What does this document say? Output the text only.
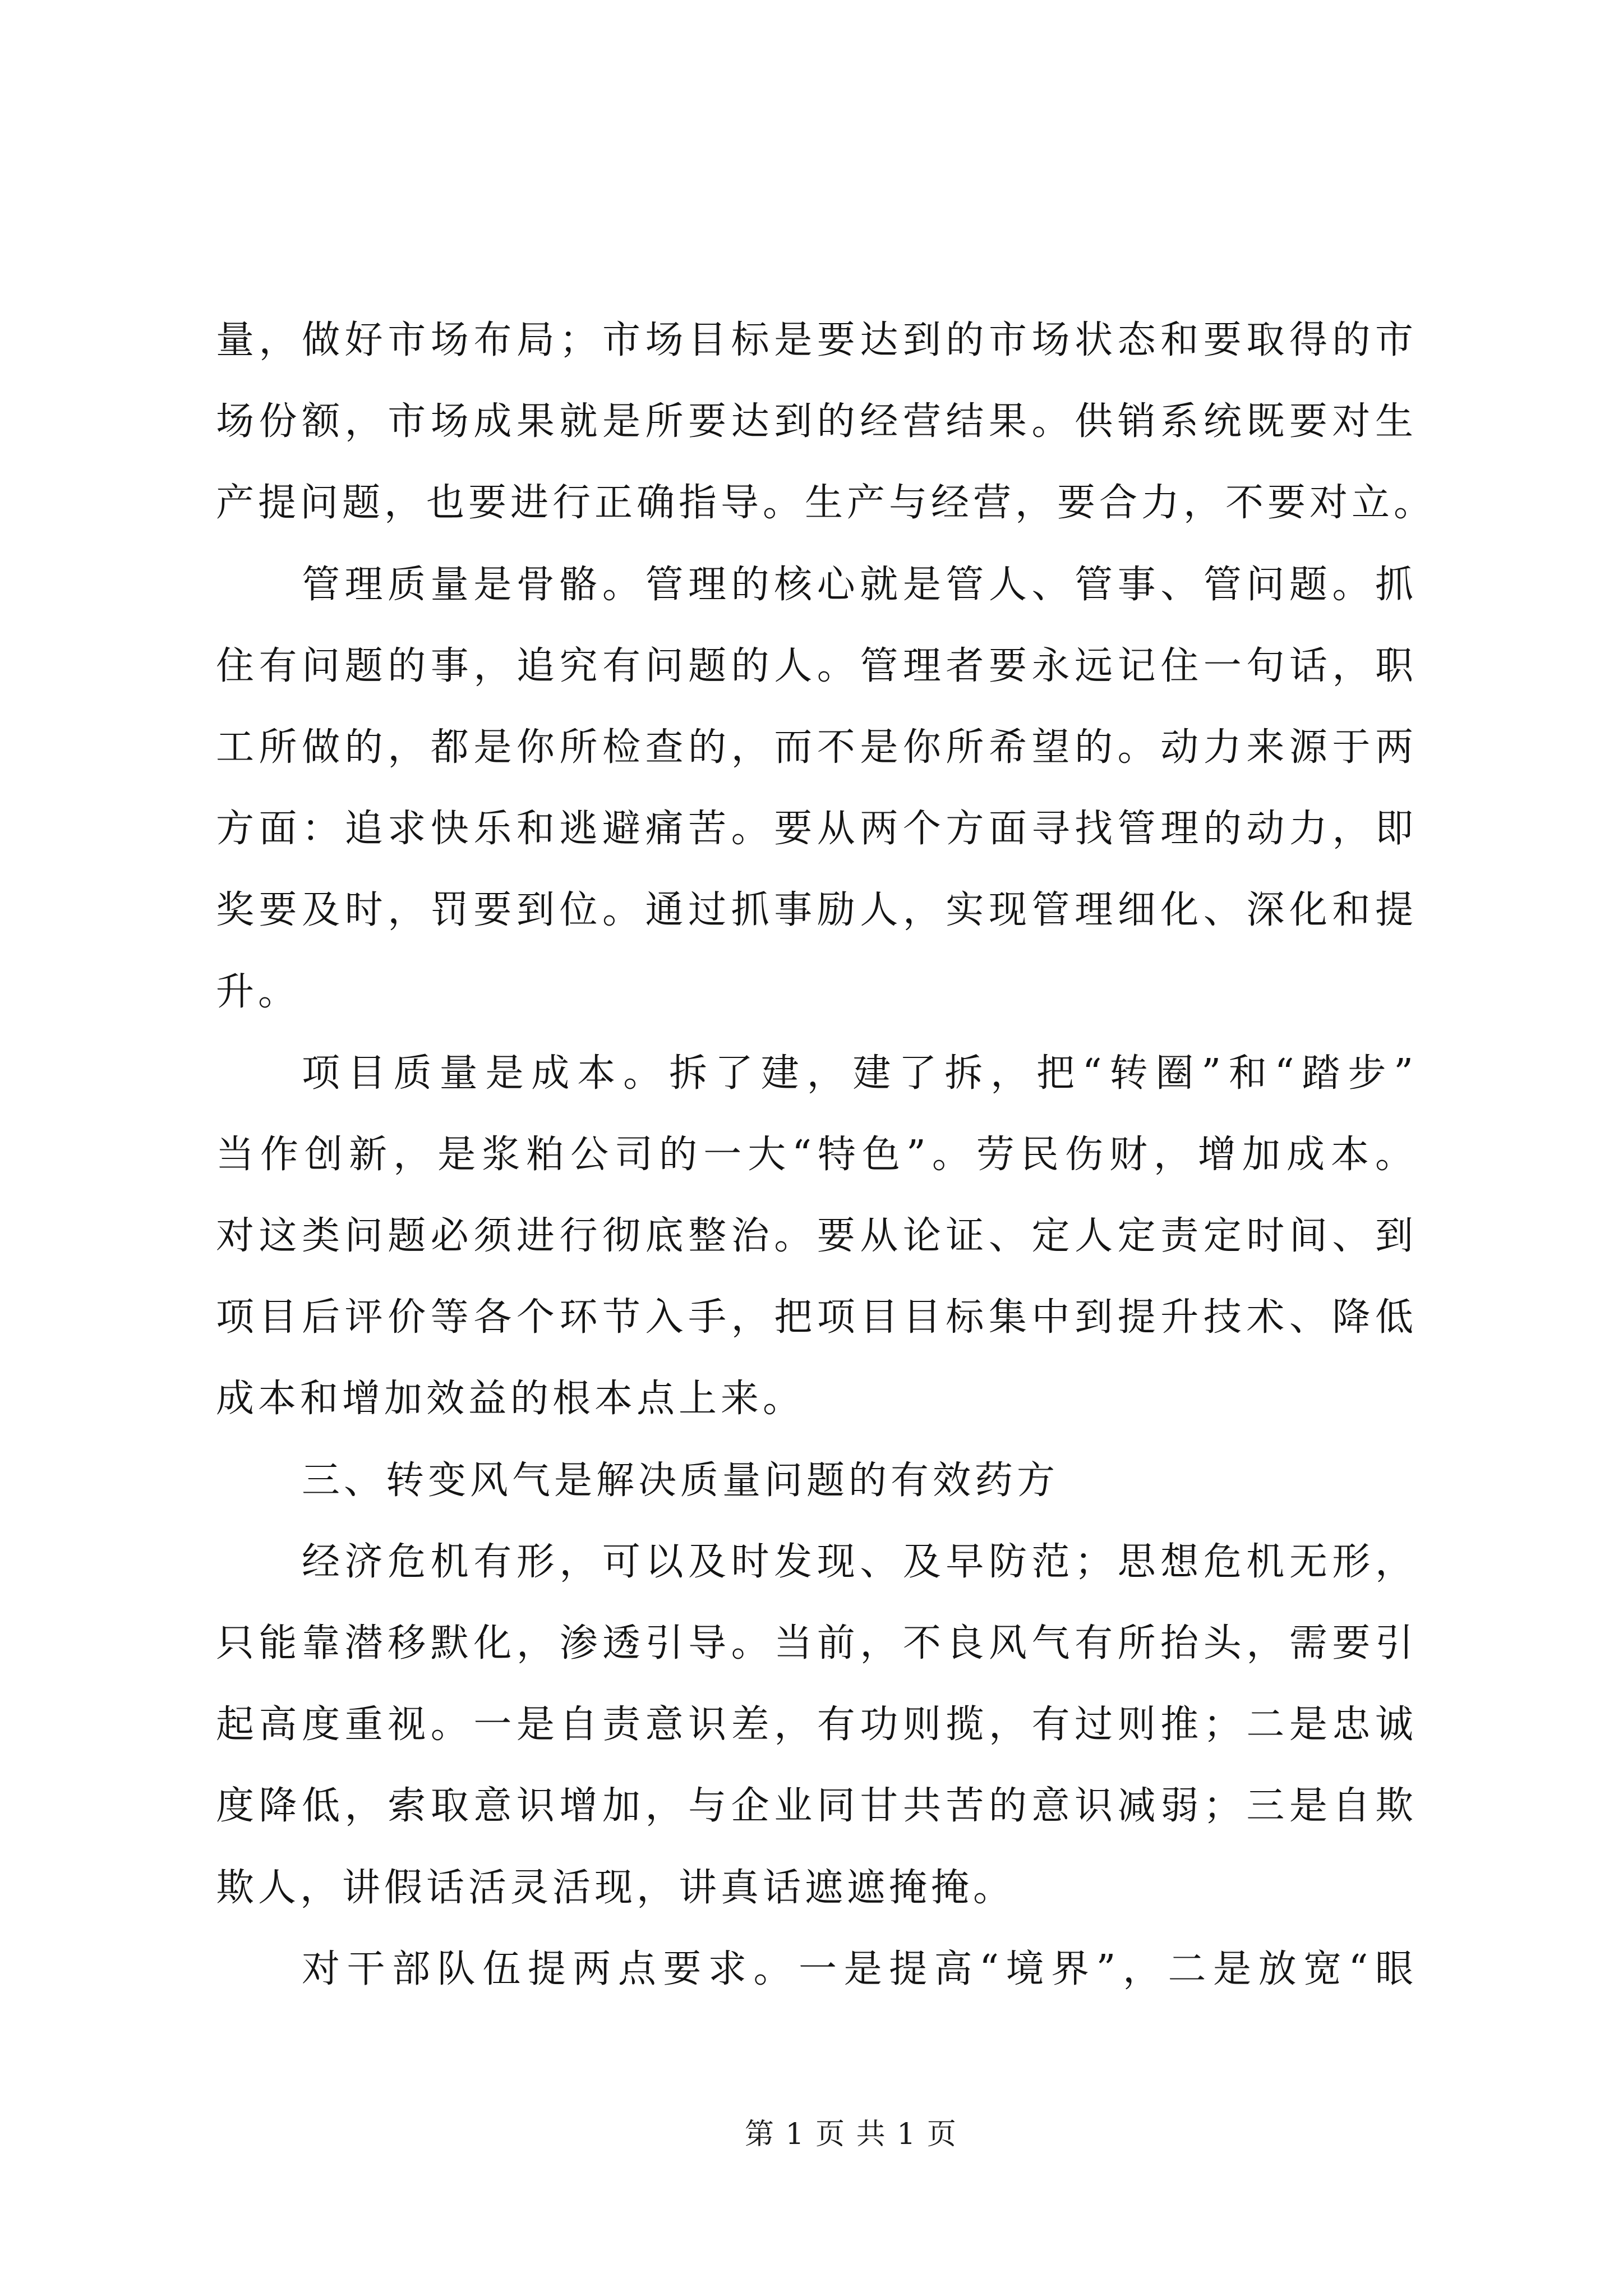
量，做好市场布局；市场目标是要达到的市场状态和要取得的市
场份额，市场成果就是所要达到的经营结果。供销系统既要对生
产提问题，也要进行正确指导。生产与经营，要合力，不要对立。
管理质量是骨骼。管理的核心就是管人、管事、管问题。抓
住有问题的事，追究有问题的人。管理者要永远记住一句话，职
工所做的，都是你所检查的，而不是你所希望的。动力来源于两
方面：追求快乐和逃避痛苦。要从两个方面寻找管理的动力，即
奖要及时，罚要到位。通过抓事励人，实现管理细化、深化和提
升。
项目质量是成本。拆了建，建了拆，把“转圈”和“踏步”
当作创新，是浆粕公司的一大“特色”。劳民伤财，增加成本。
对这类问题必须进行彻底整治。要从论证、定人定责定时间、到
项目后评价等各个环节入手，把项目目标集中到提升技术、降低
成本和增加效益的根本点上来。
三、转变风气是解决质量问题的有效药方
经济危机有形，可以及时发现、及早防范；思想危机无形，
只能靠潜移默化，渗透引导。当前，不良风气有所抬头，需要引
起高度重视。一是自责意识差，有功则揽，有过则推；二是忠诚
度降低，索取意识增加，与企业同甘共苦的意识减弱；三是自欺
欺人，讲假话活灵活现，讲真话遮遮掩掩。
对干部队伍提两点要求。一是提高“境界”，二是放宽“眼
第 1 页 共 1 页
